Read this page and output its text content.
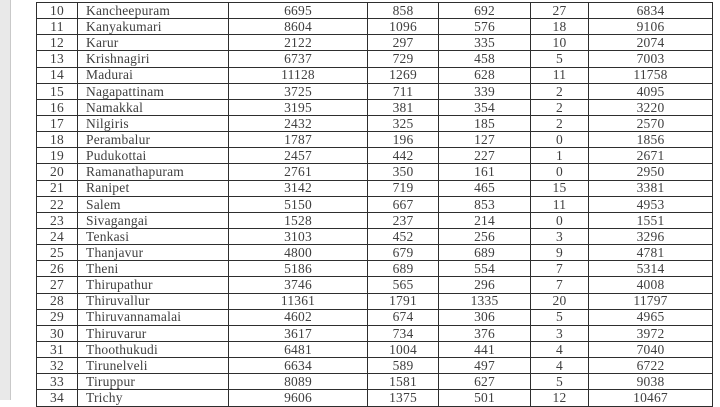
10	Kancheepuram	6695	858	692	27	6834
11	Kanyakumari	8604	1096	576	18	9106
12	Karur	2122	297	335	10	2074
13	Krishnagiri	6737	729	458	5	7003
14	Madurai	11128	1269	628	11	11758
15	Nagapattinam	3725	711	339	2	4095
16	Namakkal	3195	381	354	2	3220
17	Nilgiris	2432	325	185	2	2570
18	Perambalur	1787	196	127	0	1856
19	Pudukottai	2457	442	227	1	2671
20	Ramanathapuram	2761	350	161	0	2950
21	Ranipet	3142	719	465	15	3381
22	Salem	5150	667	853	11	4953
23	Sivagangai	1528	237	214	0	1551
24	Tenkasi	3103	452	256	3	3296
25	Thanjavur	4800	679	689	9	4781
26	Theni	5186	689	554	7	5314
27	Thirupathur	3746	565	296	7	4008
28	Thiruvallur	11361	1791	1335	20	11797
29	Thiruvannamalai	4602	674	306	5	4965
30	Thiruvarur	3617	734	376	3	3972
31	Thoothukudi	6481	1004	441	4	7040
32	Tirunelveli	6634	589	497	4	6722
33	Tiruppur	8089	1581	627	5	9038
34	Trichy	9606	1375	501	12	10467
